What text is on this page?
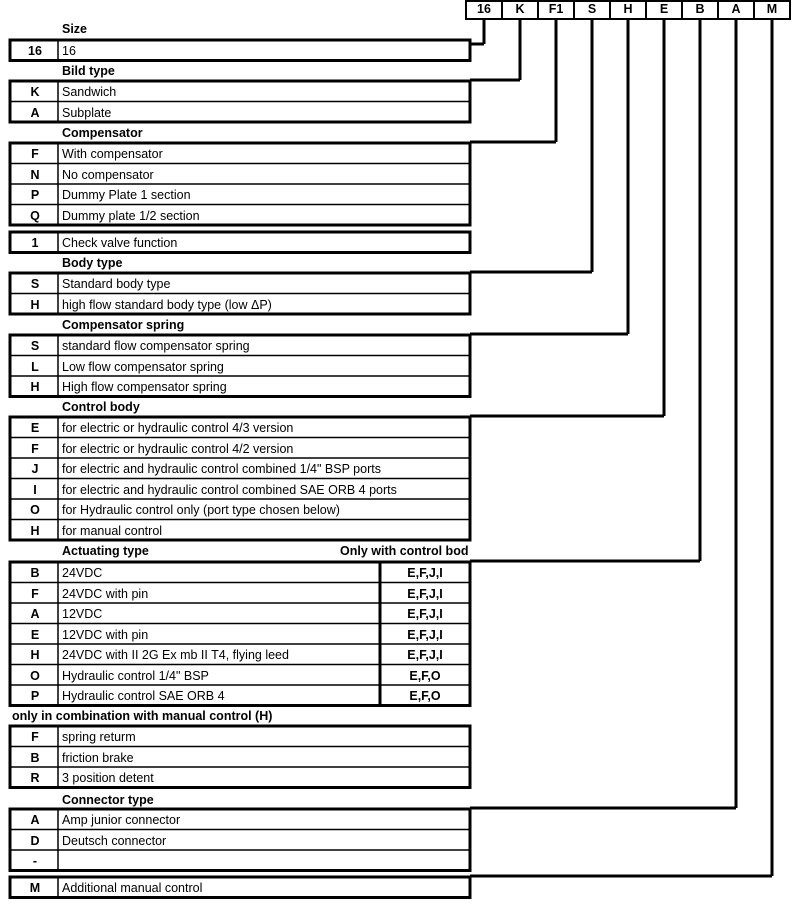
16	K	F1	S	H	E	B	A	M
Size
16	16
Bild type
K	Sandwich
A	Subplate
Compensator
F	With compensator
N	No compensator
P	Dummy Plate 1 section
Q	Dummy plate 1/2 section
1	Check valve function
Body type
S	Standard body type
H	high flow standard body type (low ΔP)
Compensator spring
S	standard flow compensator spring
L	Low flow compensator spring
H	High flow compensator spring
Control body
E	for electric or hydraulic control 4/3 version
F	for electric or hydraulic control 4/2 version
J	for electric and hydraulic control combined 1/4" BSP ports
I	for electric and hydraulic control combined SAE ORB 4 ports
O	for Hydraulic control only (port type chosen below)
H	for manual control
Actuating type	Only with control bod
B	24VDC	E,F,J,I
F	24VDC with pin	E,F,J,I
A	12VDC	E,F,J,I
E	12VDC with pin	E,F,J,I
H	24VDC with II 2G Ex mb II T4, flying leed	E,F,J,I
O	Hydraulic control 1/4" BSP	E,F,O
P	Hydraulic control SAE ORB 4	E,F,O
only in combination with manual control (H)
F	spring returm
B	friction brake
R	3 position detent
Connector type
A	Amp junior connector
D	Deutsch connector
-
M	Additional manual control
